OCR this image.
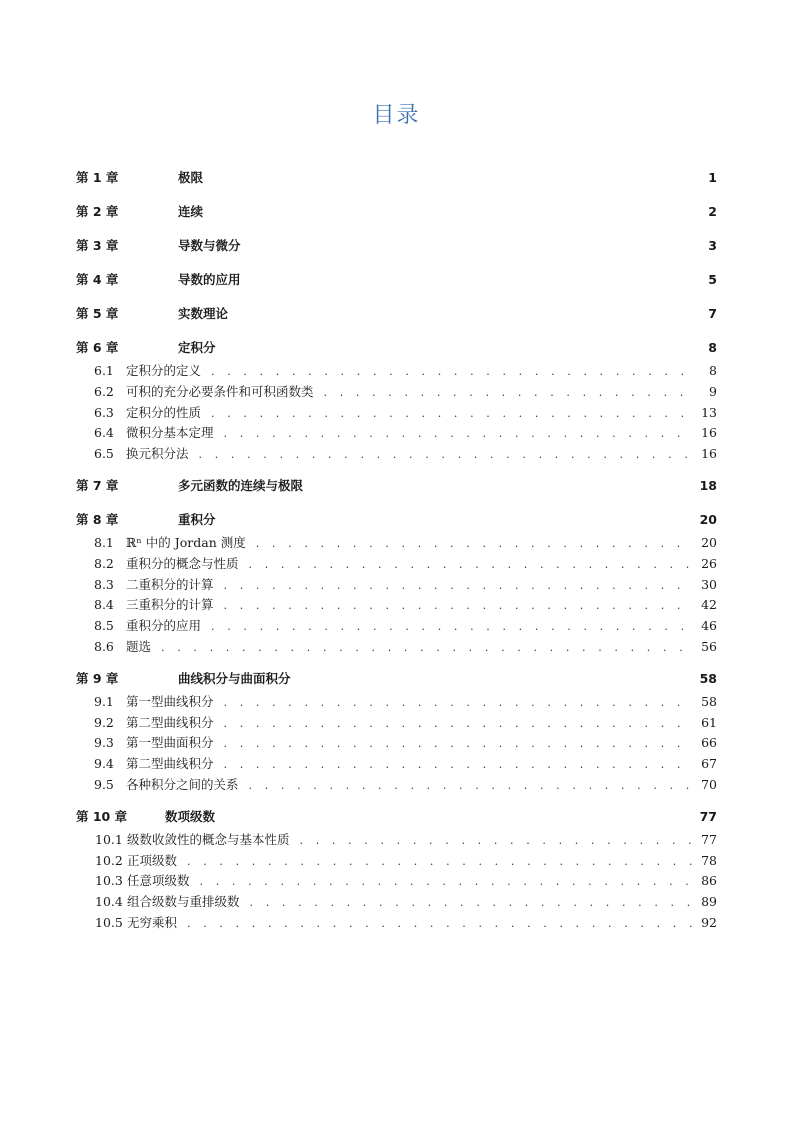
目录
第 1 章	极限	1
第 2 章	连续	2
第 3 章	导数与微分	3
第 4 章	导数的应用	5
第 5 章	实数理论	7
第 6 章	定积分	8
6.1 定积分的定义 . . .	8
6.2 可积的充分必要条件和可积函数类 . . .	9
6.3 定积分的性质 . . .	13
6.4 微积分基本定理 . . .	16
6.5 换元积分法 . . .	16
第 7 章	多元函数的连续与极限	18
第 8 章	重积分	20
8.1 ℝⁿ 中的 Jordan 测度 . . .	20
8.2 重积分的概念与性质 . . .	26
8.3 二重积分的计算 . . .	30
8.4 三重积分的计算 . . .	42
8.5 重积分的应用 . . .	46
8.6 题选 . . .	56
第 9 章	曲线积分与曲面积分	58
9.1 第一型曲线积分 . . .	58
9.2 第二型曲线积分 . . .	61
9.3 第一型曲面积分 . . .	66
9.4 第二型曲线积分 . . .	67
9.5 各种积分之间的关系 . . .	70
第 10 章	数项级数	77
10.1 级数收敛性的概念与基本性质 . . .	77
10.2 正项级数 . . .	78
10.3 任意项级数 . . .	86
10.4 组合级数与重排级数 . . .	89
10.5 无穷乘积 . . .	92
